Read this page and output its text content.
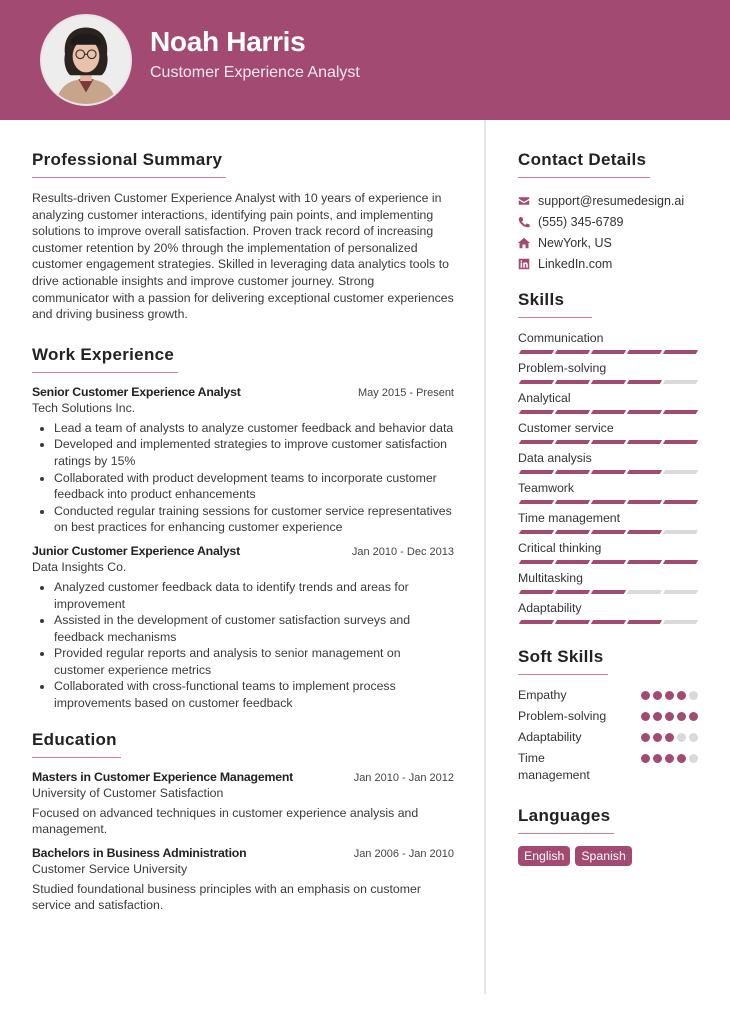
Noah Harris
Customer Experience Analyst
Professional Summary

Results-driven Customer Experience Analyst with 10 years of experience in analyzing customer interactions, identifying pain points, and implementing solutions to improve overall satisfaction. Proven track record of increasing customer retention by 20% through the implementation of personalized customer engagement strategies. Skilled in leveraging data analytics tools to drive actionable insights and improve customer journey. Strong communicator with a passion for delivering exceptional customer experiences and driving business growth.

Work Experience
Senior Customer Experience Analyst	May 2015 - Present
Tech Solutions Inc.
• Lead a team of analysts to analyze customer feedback and behavior data
• Developed and implemented strategies to improve customer satisfaction ratings by 15%
• Collaborated with product development teams to incorporate customer feedback into product enhancements
• Conducted regular training sessions for customer service representatives on best practices for enhancing customer experience
Junior Customer Experience Analyst	Jan 2010 - Dec 2013
Data Insights Co.
• Analyzed customer feedback data to identify trends and areas for improvement
• Assisted in the development of customer satisfaction surveys and feedback mechanisms
• Provided regular reports and analysis to senior management on customer experience metrics
• Collaborated with cross-functional teams to implement process improvements based on customer feedback
Education
Masters in Customer Experience Management	Jan 2010 - Jan 2012
University of Customer Satisfaction
Focused on advanced techniques in customer experience analysis and management.
Bachelors in Business Administration	Jan 2006 - Jan 2010
Customer Service University
Studied foundational business principles with an emphasis on customer service and satisfaction.
Contact Details
support@resumedesign.ai
(555) 345-6789
NewYork, US
LinkedIn.com
Skills
Communication
Problem-solving
Analytical
Customer service
Data analysis
Teamwork
Time management
Critical thinking
Multitasking
Adaptability
Soft Skills
Empathy
Problem-solving
Adaptability
Time management
Languages
English	Spanish
